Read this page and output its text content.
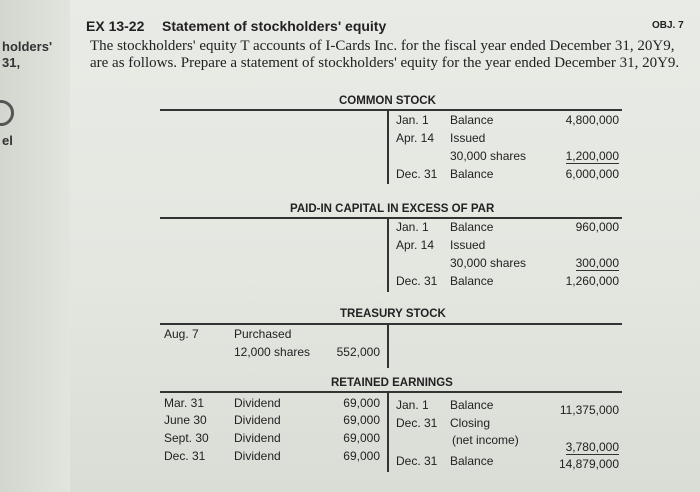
holders'
31,
el
EX 13-22 Statement of stockholders' equity	OBJ. 7
The stockholders' equity T accounts of I-Cards Inc. for the fiscal year ended December 31, 20Y9, are as follows. Prepare a statement of stockholders' equity for the year ended December 31, 20Y9.
COMMON STOCK
Jan. 1 Balance	4,800,000
Apr. 14 Issued
30,000 shares	1,200,000
Dec. 31 Balance	6,000,000
PAID-IN CAPITAL IN EXCESS OF PAR
Jan. 1 Balance	960,000
Apr. 14 Issued
30,000 shares	300,000
Dec. 31 Balance	1,260,000
TREASURY STOCK
Aug. 7	Purchased
12,000 shares 552,000
RETAINED EARNINGS
Mar. 31 Dividend	69,000
June 30 Dividend	69,000
Sept. 30 Dividend	69,000
Dec. 31 Dividend	69,000
Jan. 1 Balance	11,375,000
Dec. 31 Closing
(net income)	3,780,000
Dec. 31 Balance	14,879,000
